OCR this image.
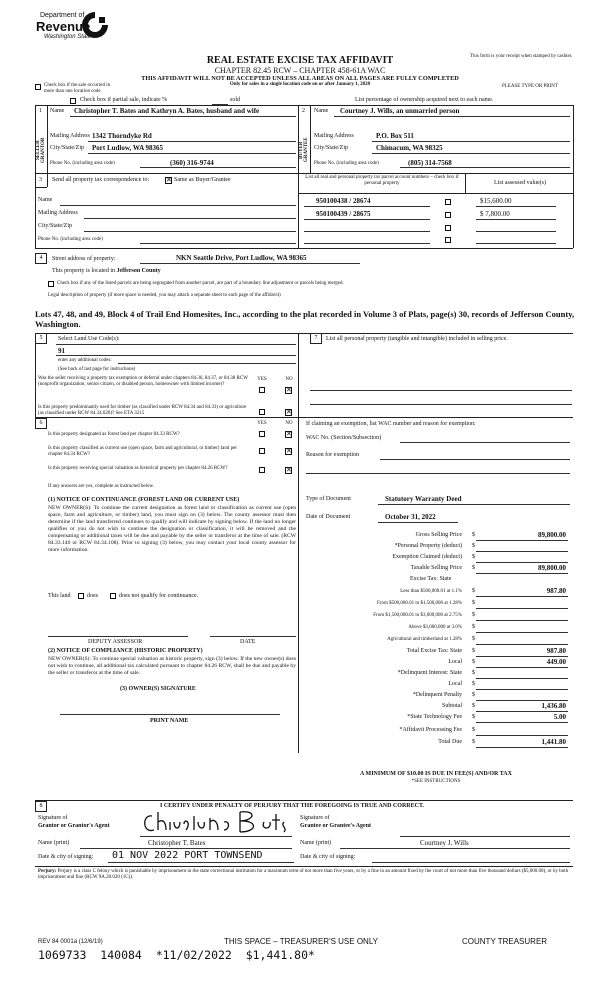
Department of
Revenue
Washington State
REAL ESTATE EXCISE TAX AFFIDAVIT
CHAPTER 82.45 RCW – CHAPTER 458-61A WAC
THIS AFFIDAVIT WILL NOT BE ACCEPTED UNLESS ALL AREAS ON ALL PAGES ARE FULLY COMPLETED
Only for sales in a single location code on or after January 1, 2020
This form is your receipt when stamped by cashier.
PLEASE TYPE OR PRINT
Check box if the sale occurred in more than one location code
Check box if partial sale, indicate %	sold	List percentage of ownership acquired next to each name.
1
SELLER GRANTOR
Name Christopher T. Bates and Kathryn A. Bates, husband and wife
Mailing Address 1342 Thorndyke Rd
City/State/Zip Port Ludlow, WA 98365
Phone No. (including area code)	(360) 316-9744
2
BUYER GRANTEE
Name Courtney J. Wills, an unmarried person
Mailing Address	P.O. Box 511
City/State/Zip	Chimacum, WA 98325
Phone No. (including area code)	(805) 314-7568
3 Send all property tax correspondence to: ✕ Same as Buyer/Grantee
Name
Mailing Address
City/State/Zip
Phone No. (including area code)
List all real and personal property tax parcel account numbers – check box if personal property	List assessed value(s)
950100438 / 28674	$15,600.00
950100439 / 28675	$ 7,800.00
4	Street address of property:	NKN Seattle Drive, Port Ludlow, WA 98365
This property is located in Jefferson County
Check box if any of the listed parcels are being segregated from another parcel, are part of a boundary line adjustment or parcels being merged.
Legal description of property (if more space is needed, you may attach a separate sheet to each page of the affidavit)
Lots 47, 48, and 49, Block 4 of Trail End Homesites, Inc., according to the plat recorded in Volume 3 of Plats, page(s) 30, records of Jefferson County, Washington.
5	Select Land Use Code(s):
91
enter any additional codes:
(See back of last page for instructions)
YES	NO
Was the seller receiving a property tax exemption or deferral under chapters 84.36, 84.37, or 84.38 RCW (nonprofit organization, senior citizen, or disabled person, homeowner with limited income)?
✕
Is this property predominantly used for timber (as classified under RCW 84.34 and 84.33) or agriculture (as classified under RCW 84.34.020)? See ETA 3215	✕
7	List all personal property (tangible and intangible) included in selling price.
6	YES	NO
Is this property designated as forest land per chapter 84.33 RCW?	✕
Is this property classified as current use (open space, farm and agricultural, or timber) land per chapter 84.34 RCW?	✕
Is this property receiving special valuation as historical property per chapter 84.26 RCW?	✕
If any answers are yes, complete as instructed below.
(1) NOTICE OF CONTINUANCE (FOREST LAND OR CURRENT USE)
NEW OWNER(S): To continue the current designation as forest land or classification as current use (open space, farm and agriculture, or timber) land, you must sign on (3) below. The county assessor must then determine if the land transferred continues to qualify and will indicate by signing below. If the land no longer qualifies or you do not wish to continue the designation or classification, it will be removed and the compensating or additional taxes will be due and payable by the seller or transferor at the time of sale. (RCW 84.33.140 or RCW 84.34.108). Prior to signing (3) below, you may contact your local county assessor for more information.
This land	does	does not qualify for continuance.
DEPUTY ASSESSOR	DATE
(2) NOTICE OF COMPLIANCE (HISTORIC PROPERTY)
NEW OWNER(S): To continue special valuation as historic property, sign (3) below. If the new owner(s) does not wish to continue, all additional tax calculated pursuant to chapter 84.26 RCW, shall be due and payable by the seller or transferor at the time of sale.
(3) OWNER(S) SIGNATURE
PRINT NAME
If claiming an exemption, list WAC number and reason for exemption:
WAC No. (Section/Subsection)
Reason for exemption
Type of Document	Statutory Warranty Deed
Date of Document	October 31, 2022
Gross Selling Price $	89,800.00
*Personal Property (deduct) $
Exemption Claimed (deduct) $
Taxable Selling Price $	89,800.00
Excise Tax: State
Less than $500,000.01 at 1.1% $	987.80
From $500,000.01 to $1,500,000 at 1.28% $
From $1,500,000.01 to $3,000,000 at 2.75% $
Above $3,000,000 at 3.0% $
Agricultural and timberland at 1.28% $
Total Excise Tax: State $	987.80
Local $	449.00
*Delinquent Interest: State $
Local $
*Delinquent Penalty $
Subtotal $	1,436.80
*State Technology Fee $	5.00
*Affidavit Processing Fee $
Total Due $	1,441.80
A MINIMUM OF $10.00 IS DUE IN FEE(S) AND/OR TAX
*SEE INSTRUCTIONS
8	I CERTIFY UNDER PENALTY OF PERJURY THAT THE FOREGOING IS TRUE AND CORRECT.
Signature of
Grantor or Grantor's Agent
Signature of
Grantee or Grantee's Agent
Name (print)	Christopher T. Bates	Name (print)	Courtney J. Wills
Date & city of signing: 01 NOV 2022 PORT TOWNSEND	Date & city of signing:
Perjury: Perjury is a class C felony which is punishable by imprisonment in the state correctional institution for a maximum term of not more than five years, or by a fine in an amount fixed by the court of not more than five thousand dollars ($5,000.00), or by both imprisonment and fine (RCW 9A.20.020 (1C)).
REV 84 0001a (12/6/19)	THIS SPACE – TREASURER'S USE ONLY	COUNTY TREASURER
1069733  140084  *11/02/2022  $1,441.80*
